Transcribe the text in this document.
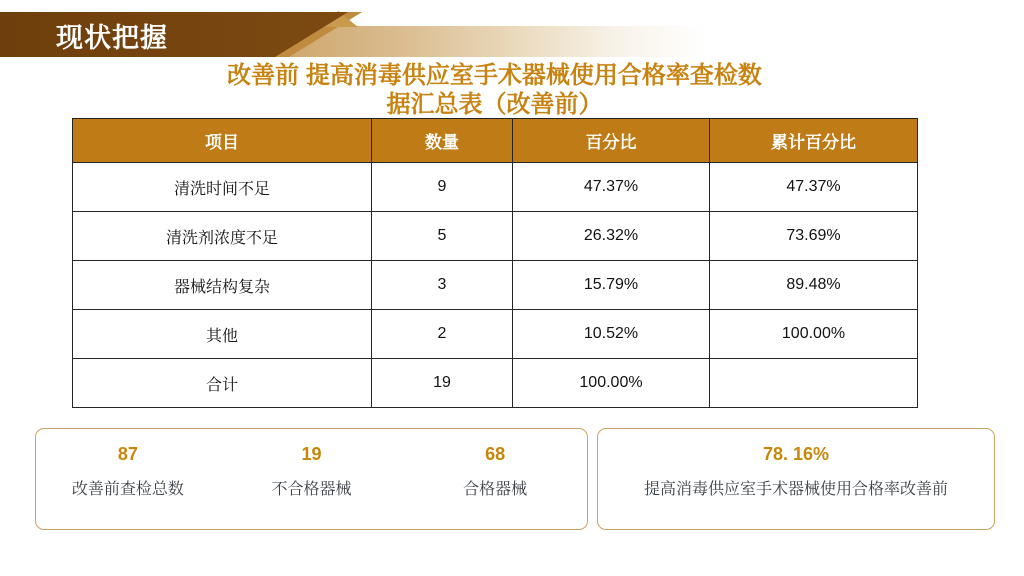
现状把握
改善前 提高消毒供应室手术器械使用合格率查检数
据汇总表（改善前）
项目	数量	百分比	累计百分比
清洗时间不足	9	47.37%	47.37%
清洗剂浓度不足	5	26.32%	73.69%
器械结构复杂	3	15.79%	89.48%
其他	2	10.52%	100.00%
合计	19	100.00%	
87
改善前查检总数
19
不合格器械
68
合格器械
78. 16%
提高消毒供应室手术器械使用合格率改善前
